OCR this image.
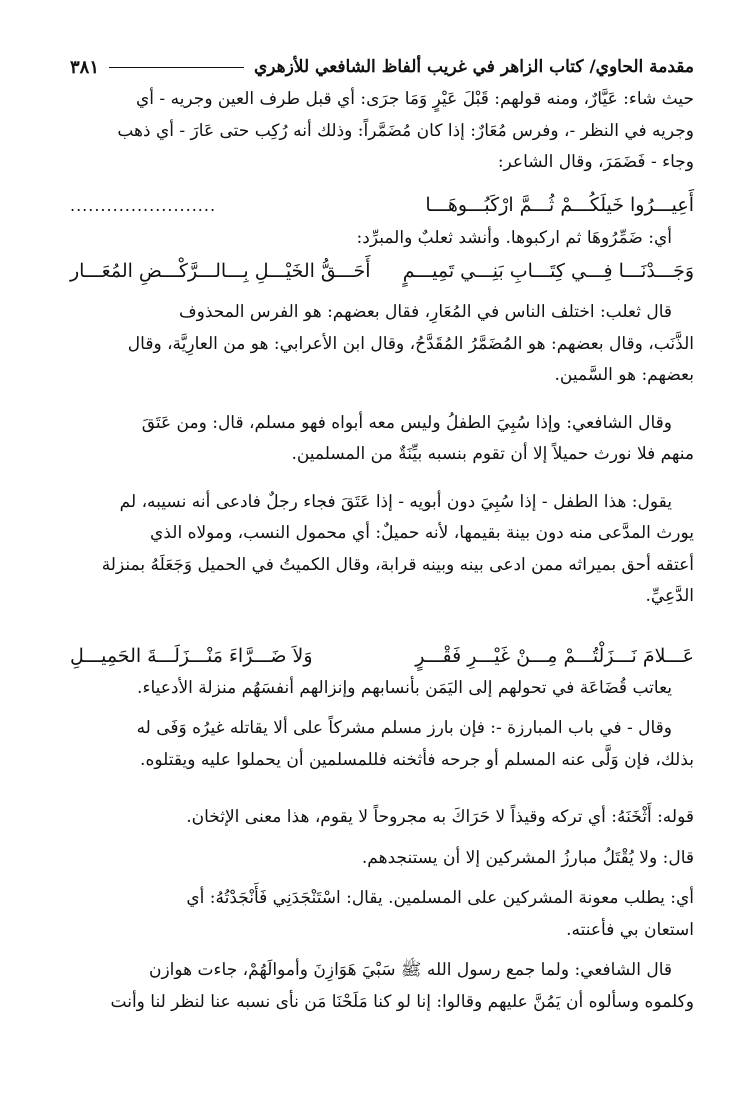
مقدمة الحاوي/ كتاب الزاهر في غريب ألفاظ الشافعي للأزهري
٣٨١

حيث شاء: عَيَّارٌ، ومنه قولهم: قَبْلَ عَيْرٍ وَمَا جرَى: أي قبل طرف العين وجريه - أي

وجريه في النظر -، وفرس مُعَارٌ: إذا كان مُضَمَّراً: وذلك أنه رُكِب حتى عَارَ - أي ذهب

وجاء - فَضَمَرَ، وقال الشاعر:

أَعِيـــرُوا خَيلَكُـــمْ ثُـــمَّ ارْكَبُـــوهَـــا
........................

أي: ضَمِّرُوهَا ثم اركبوها. وأنشد ثعلبٌ والمبرِّد:

وَجَـــدْنَـــا فِـــي كِتَـــابِ بَنِـــي تَمِيـــمٍ
أَحَـــقُّ الخَيْـــلِ بِـــالـــرَّكْـــضِ المُعَـــار

قال ثعلب: اختلف الناس في المُعَارِ، فقال بعضهم: هو الفرس المحذوف

الذَّنَب، وقال بعضهم: هو المُضَمَّرُ المُقَدَّحُ، وقال ابن الأعرابي: هو من العارِيَّة، وقال

بعضهم: هو السَّمين.

وقال الشافعي: وإذا سُبِيَ الطفلُ وليس معه أبواه فهو مسلم، قال: ومن عَتَقَ

منهم فلا نورث حميلاً إلا أن تقوم بنسبه بيِّنَةٌ من المسلمين.

يقول: هذا الطفل - إذا سُبِيَ دون أبويه - إذا عَتَقَ فجاء رجلٌ فادعى أنه نسيبه، لم

يورث المدَّعى منه دون بينة بقيمها، لأنه حميلٌ: أي محمول النسب، ومولاه الذي

أعتقه أحق بميراثه ممن ادعى بينه وبينه قرابة، وقال الكميتُ في الحميل وَجَعَلَهُ بمنزلة

الدَّعِيِّ.

عَـــلامَ نَـــزَلْتُـــمْ مِـــنْ غَيْـــرِ فَقْـــرٍ
وَلاَ ضَـــرَّاءَ مَنْـــزَلَـــةَ الحَمِيـــلِ

يعاتب قُضَاعَة في تحولهم إلى اليَمَن بأنسابهم وإنزالهم أنفسَهُم منزلة الأدعياء.

وقال - في باب المبارزة -: فإن بارز مسلم مشركاً على ألا يقاتله غيرُه وَفَى له

بذلك، فإن وَلَّى عنه المسلم أو جرحه فأثخنه فللمسلمين أن يحملوا عليه ويقتلوه.

قوله: أَثْخَنَهُ: أي تركه وقيذاً لا حَرَاكَ به مجروحاً لا يقوم، هذا معنى الإثخان.

قال: ولا يُقْتَلُ مبارزُ المشركين إلا أن يستنجدهم.

أي: يطلب معونة المشركين على المسلمين. يقال: اسْتَنْجَدَنِي فَأَنْجَدْتُهُ: أي

استعان بي فأعنته.

قال الشافعي: ولما جمع رسول الله ﷺ سَبْيَ هَوَازِنَ وأموالَهُمْ، جاءت هوازن

وكلموه وسألوه أن يَمُنَّ عليهم وقالوا: إنا لو كنا مَلَحْنَا مَن نأى نسبه عنا لنظر لنا وأنت
